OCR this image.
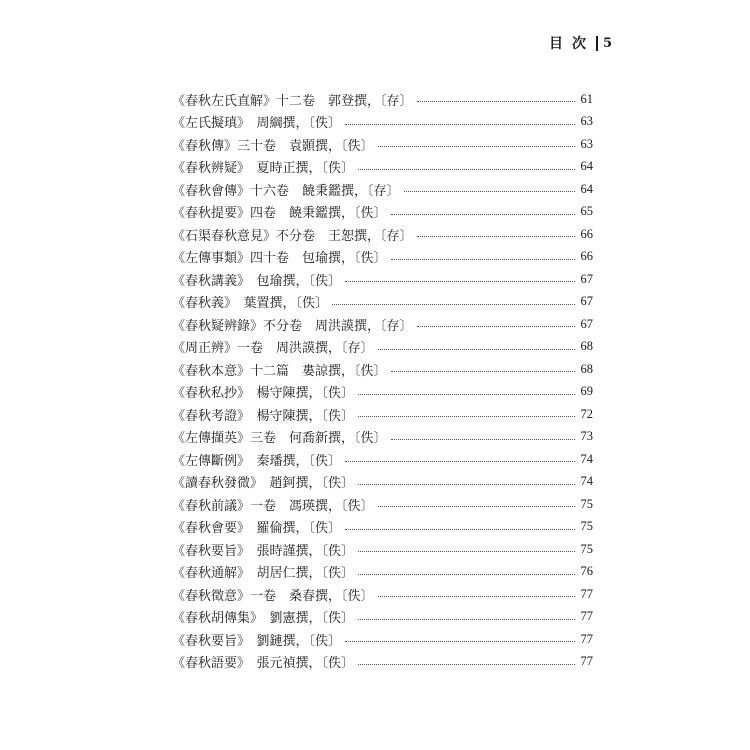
目次 5
《春秋左氏直解》十二卷　郭登撰，〔存〕	61
《左氏擬瑱》　周綱撰，〔佚〕	63
《春秋傳》三十卷　袁顥撰，〔佚〕	63
《春秋辨疑》　夏時正撰，〔佚〕	64
《春秋會傳》十六卷　饒秉鑑撰，〔存〕	64
《春秋提要》四卷　饒秉鑑撰，〔佚〕	65
《石渠春秋意見》不分卷　王恕撰，〔存〕	66
《左傳事類》四十卷　包瑜撰，〔佚〕	66
《春秋講義》　包瑜撰，〔佚〕	67
《春秋義》　葉置撰，〔佚〕	67
《春秋疑辨錄》不分卷　周洪謨撰，〔存〕	67
《周正辨》一卷　周洪謨撰，〔存〕	68
《春秋本意》十二篇　婁諒撰，〔佚〕	68
《春秋私抄》　楊守陳撰，〔佚〕	69
《春秋考證》　楊守陳撰，〔佚〕	72
《左傳擷英》三卷　何喬新撰，〔佚〕	73
《左傳斷例》　秦璠撰，〔佚〕	74
《讀春秋發微》　趙鈳撰，〔佚〕	74
《春秋前議》一卷　馮瑛撰，〔佚〕	75
《春秋會要》　羅倫撰，〔佚〕	75
《春秋要旨》　張時謹撰，〔佚〕	75
《春秋通解》　胡居仁撰，〔佚〕	76
《春秋徵意》一卷　桑春撰，〔佚〕	77
《春秋胡傳集》　劉憲撰，〔佚〕	77
《春秋要旨》　劉鏈撰，〔佚〕	77
《春秋語要》　張元禎撰，〔佚〕	77
